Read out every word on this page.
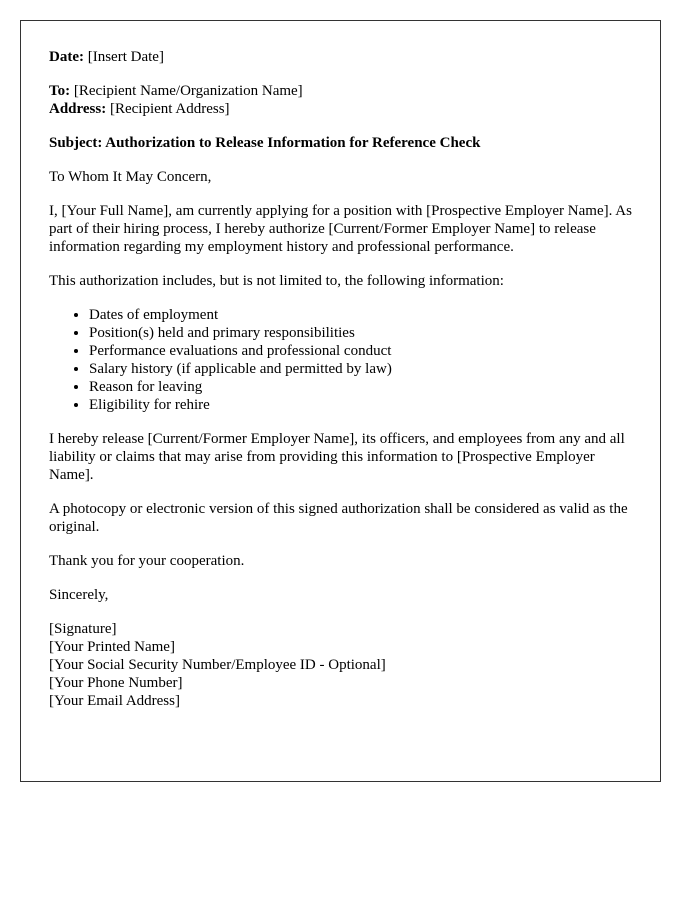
Date: [Insert Date]

To: [Recipient Name/Organization Name]
Address: [Recipient Address]

Subject: Authorization to Release Information for Reference Check

To Whom It May Concern,

I, [Your Full Name], am currently applying for a position with [Prospective Employer Name]. As part of their hiring process, I hereby authorize [Current/Former Employer Name] to release information regarding my employment history and professional performance.

This authorization includes, but is not limited to, the following information:

• Dates of employment
• Position(s) held and primary responsibilities
• Performance evaluations and professional conduct
• Salary history (if applicable and permitted by law)
• Reason for leaving
• Eligibility for rehire

I hereby release [Current/Former Employer Name], its officers, and employees from any and all liability or claims that may arise from providing this information to [Prospective Employer Name].

A photocopy or electronic version of this signed authorization shall be considered as valid as the original.

Thank you for your cooperation.

Sincerely,

[Signature]
[Your Printed Name]
[Your Social Security Number/Employee ID - Optional]
[Your Phone Number]
[Your Email Address]
